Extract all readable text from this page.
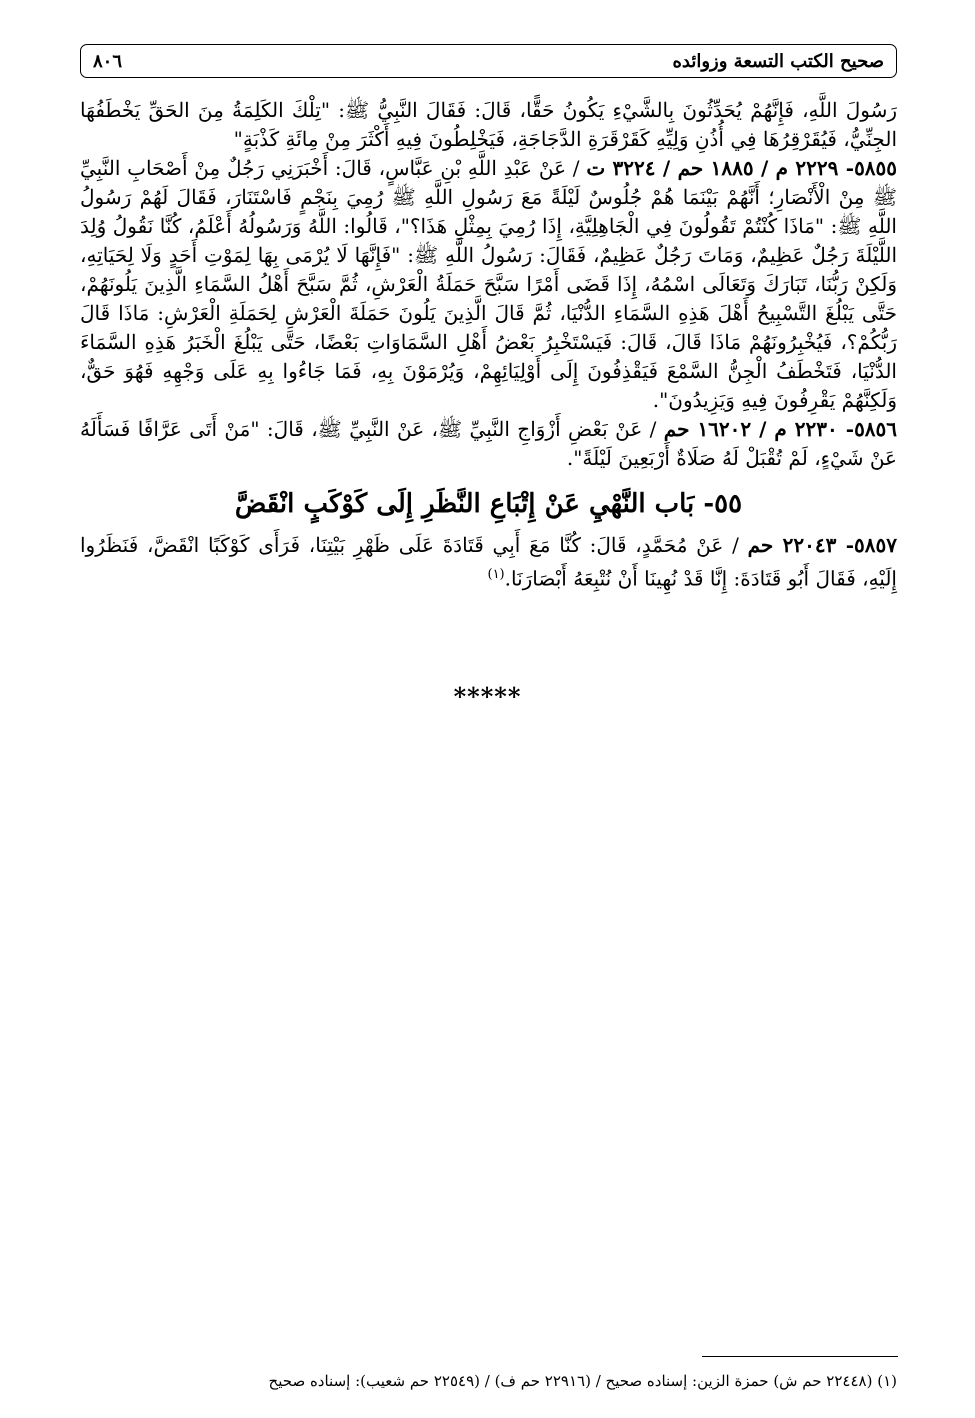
صحيح الكتب التسعة وزوائده
٨٠٦

رَسُولَ اللَّهِ، فَإِنَّهُمْ يُحَدِّثُونَ بِالشَّيْءِ يَكُونُ حَقًّا، قَالَ: فَقَالَ النَّبِيُّ ﷺ: "تِلْكَ الكَلِمَةُ مِنَ الحَقِّ يَخْطَفُهَا الجِنِّيُّ، فَيُقَرْقِرُهَا فِي أُذُنِ وَلِيِّهِ كَقَرْقَرَةِ الدَّجَاجَةِ، فَيَخْلِطُونَ فِيهِ أَكْثَرَ مِنْ مِائَةِ كَذْبَةٍ"

٥٨٥٥- ٢٢٢٩ م / ١٨٨٥ حم / ٣٢٢٤ ت / عَنْ عَبْدِ اللَّهِ بْنِ عَبَّاسٍ، قَالَ: أَخْبَرَنِي رَجُلٌ مِنْ أَصْحَابِ النَّبِيِّ ﷺ مِنْ الْأَنْصَارِ؛ أَنَّهُمْ بَيْنَمَا هُمْ جُلُوسٌ لَيْلَةً مَعَ رَسُولِ اللَّهِ ﷺ رُمِيَ بِنَجْمٍ فَاسْتَنَارَ، فَقَالَ لَهُمْ رَسُولُ اللَّهِ ﷺ: "مَاذَا كُنْتُمْ تَقُولُونَ فِي الْجَاهِلِيَّةِ، إِذَا رُمِيَ بِمِثْلِ هَذَا؟"، قَالُوا: اللَّهُ وَرَسُولُهُ أَعْلَمُ، كُنَّا نَقُولُ وُلِدَ اللَّيْلَةَ رَجُلٌ عَظِيمٌ، وَمَاتَ رَجُلٌ عَظِيمٌ، فَقَالَ: رَسُولُ اللَّهِ ﷺ: "فَإِنَّهَا لَا يُرْمَى بِهَا لِمَوْتِ أَحَدٍ وَلَا لِحَيَاتِهِ، وَلَكِنْ رَبُّنَا، تَبَارَكَ وَتَعَالَى اسْمُهُ، إِذَا قَضَى أَمْرًا سَبَّحَ حَمَلَةُ الْعَرْشِ، ثُمَّ سَبَّحَ أَهْلُ السَّمَاءِ الَّذِينَ يَلُونَهُمْ، حَتَّى يَبْلُغَ التَّسْبِيحُ أَهْلَ هَذِهِ السَّمَاءِ الدُّنْيَا، ثُمَّ قَالَ الَّذِينَ يَلُونَ حَمَلَةَ الْعَرْشِ لِحَمَلَةِ الْعَرْشِ: مَاذَا قَالَ رَبُّكُمْ؟، فَيُخْبِرُونَهُمْ مَاذَا قَالَ، قَالَ: فَيَسْتَخْبِرُ بَعْضُ أَهْلِ السَّمَاوَاتِ بَعْضًا، حَتَّى يَبْلُغَ الْخَبَرُ هَذِهِ السَّمَاءَ الدُّنْيَا، فَتَخْطَفُ الْجِنُّ السَّمْعَ فَيَقْذِفُونَ إِلَى أَوْلِيَائِهِمْ، وَيُرْمَوْنَ بِهِ، فَمَا جَاءُوا بِهِ عَلَى وَجْهِهِ فَهُوَ حَقٌّ، وَلَكِنَّهُمْ يَقْرِفُونَ فِيهِ وَيَزِيدُونَ".

٥٨٥٦- ٢٢٣٠ م / ١٦٢٠٢ حم / عَنْ بَعْضِ أَزْوَاجِ النَّبِيِّ ﷺ، عَنْ النَّبِيِّ ﷺ، قَالَ: "مَنْ أَتَى عَرَّافًا فَسَأَلَهُ عَنْ شَيْءٍ، لَمْ تُقْبَلْ لَهُ صَلَاةٌ أَرْبَعِينَ لَيْلَةً".

٥٥- بَاب النَّهْيِ عَنْ إِتْبَاعِ النَّظَرِ إِلَى كَوْكَبٍ انْقَضَّ

٥٨٥٧- ٢٢٠٤٣ حم / عَنْ مُحَمَّدٍ، قَالَ: كُنَّا مَعَ أَبِي قَتَادَةَ عَلَى ظَهْرِ بَيْتِنَا، فَرَأَى كَوْكَبًا انْقَضَّ، فَنَظَرُوا إِلَيْهِ، فَقَالَ أَبُو قَتَادَةَ: إِنَّا قَدْ نُهِينَا أَنْ نُتْبِعَهُ أَبْصَارَنَا.$^{(١)}$

*****
(١) (٢٢٤٤٨ حم ش) حمزة الزين: إسناده صحيح / (٢٢٩١٦ حم ف) / (٢٢٥٤٩ حم شعيب): إسناده صحيح
